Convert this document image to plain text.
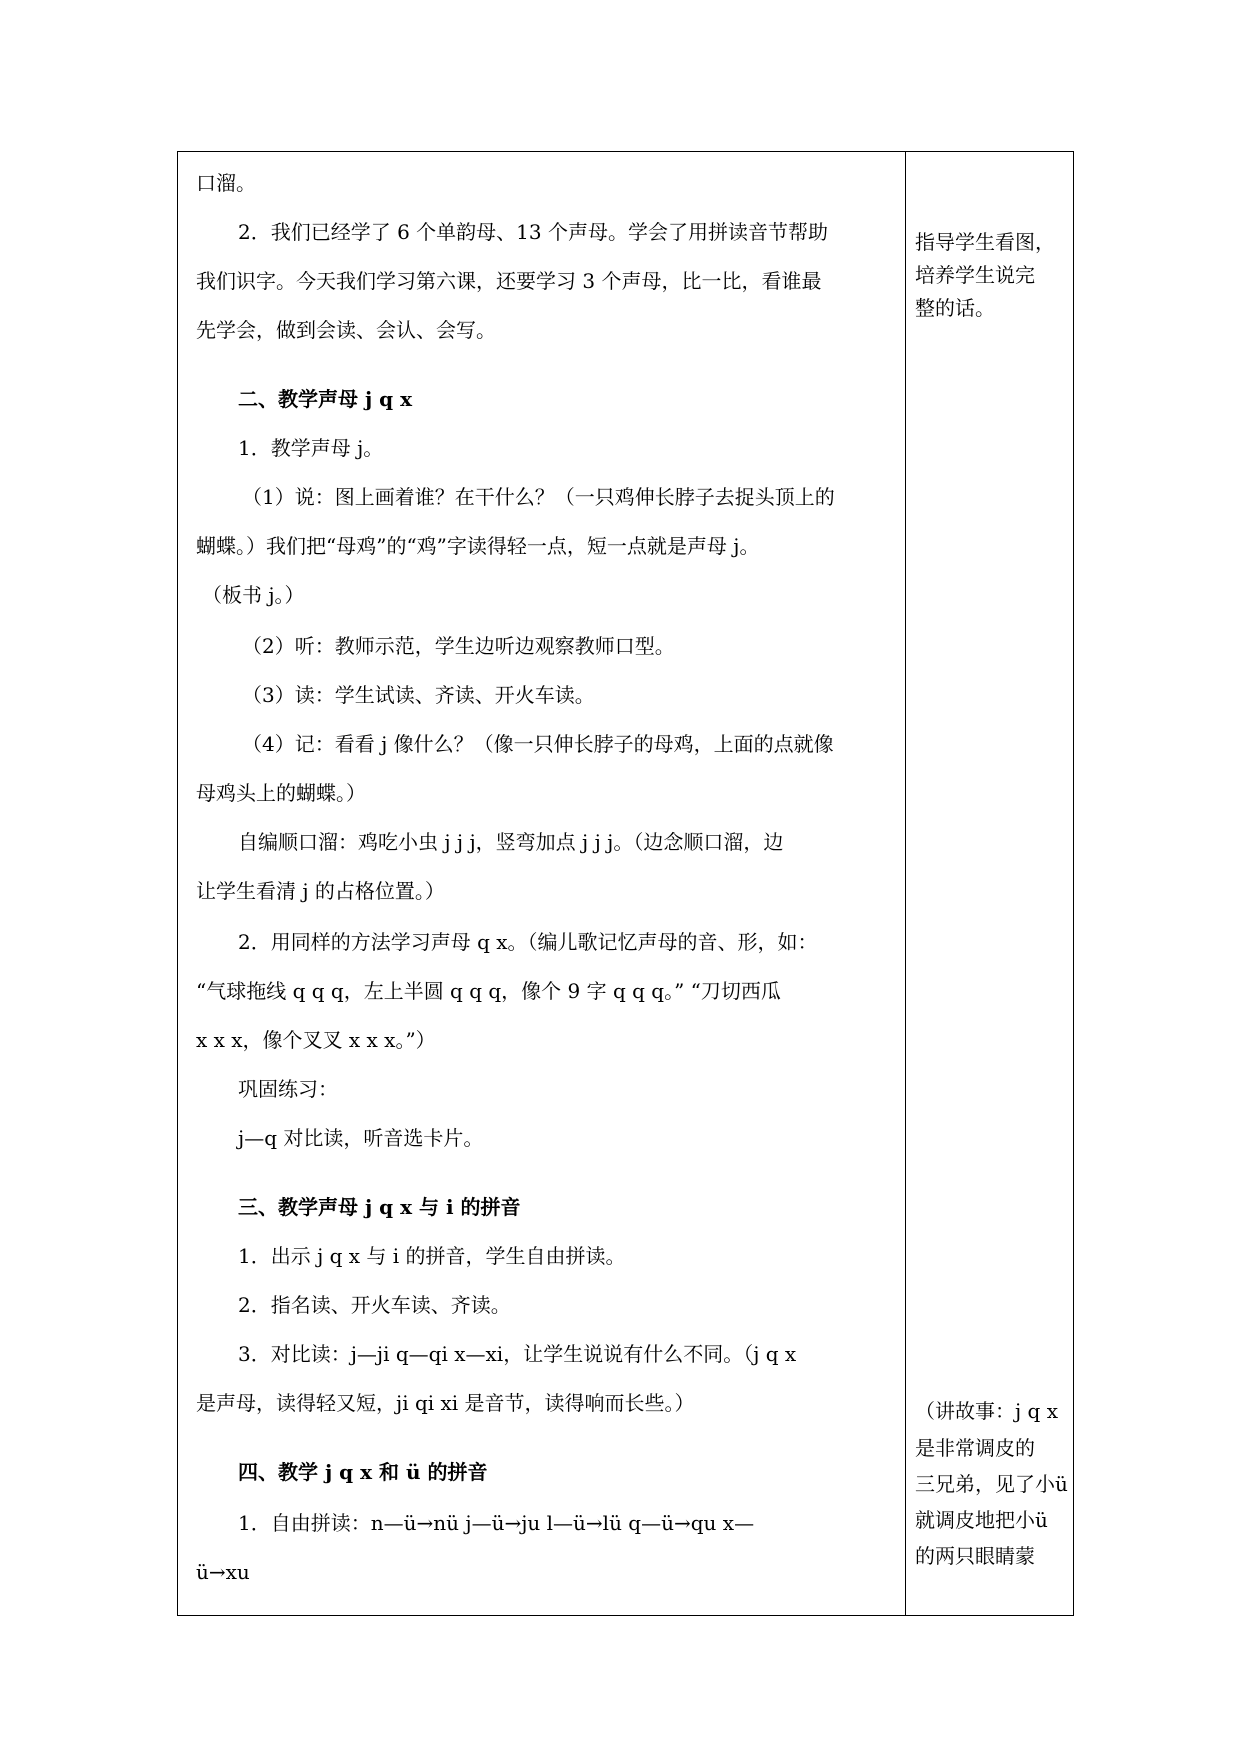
口溜。
2．我们已经学了 6 个单韵母、13 个声母。学会了用拼读音节帮助
我们识字。今天我们学习第六课，还要学习 3 个声母，比一比，看谁最
先学会，做到会读、会认、会写。
二、教学声母 j q x
1．教学声母 j。
（1）说：图上画着谁？在干什么？（一只鸡伸长脖子去捉头顶上的
蝴蝶。）我们把“母鸡”的“鸡”字读得轻一点，短一点就是声母 j。
（板书 j。）
（2）听：教师示范，学生边听边观察教师口型。
（3）读：学生试读、齐读、开火车读。
（4）记：看看 j 像什么？（像一只伸长脖子的母鸡，上面的点就像
母鸡头上的蝴蝶。）
自编顺口溜：鸡吃小虫 j j j，竖弯加点 j j j。（边念顺口溜，边
让学生看清 j 的占格位置。）
2．用同样的方法学习声母 q x。（编儿歌记忆声母的音、形，如：
“气球拖线 q q q，左上半圆 q q q，像个 9 字 q q q。” “刀切西瓜
x x x，像个叉叉 x x x。”）
巩固练习：
j—q 对比读，听音选卡片。
三、教学声母 j q x 与 i 的拼音
1．出示 j q x 与 i 的拼音，学生自由拼读。
2．指名读、开火车读、齐读。
3．对比读：j—ji q—qi x—xi，让学生说说有什么不同。（j q x
是声母，读得轻又短，ji qi xi 是音节，读得响而长些。）
四、教学 j q x 和 ü 的拼音
1．自由拼读：n—ü→nü j—ü→ju l—ü→lü q—ü→qu x—
ü→xu
指导学生看图，
培养学生说完
整的话。
（讲故事：j q x
是非常调皮的
三兄弟，见了小ü
就调皮地把小ü
的两只眼睛蒙
